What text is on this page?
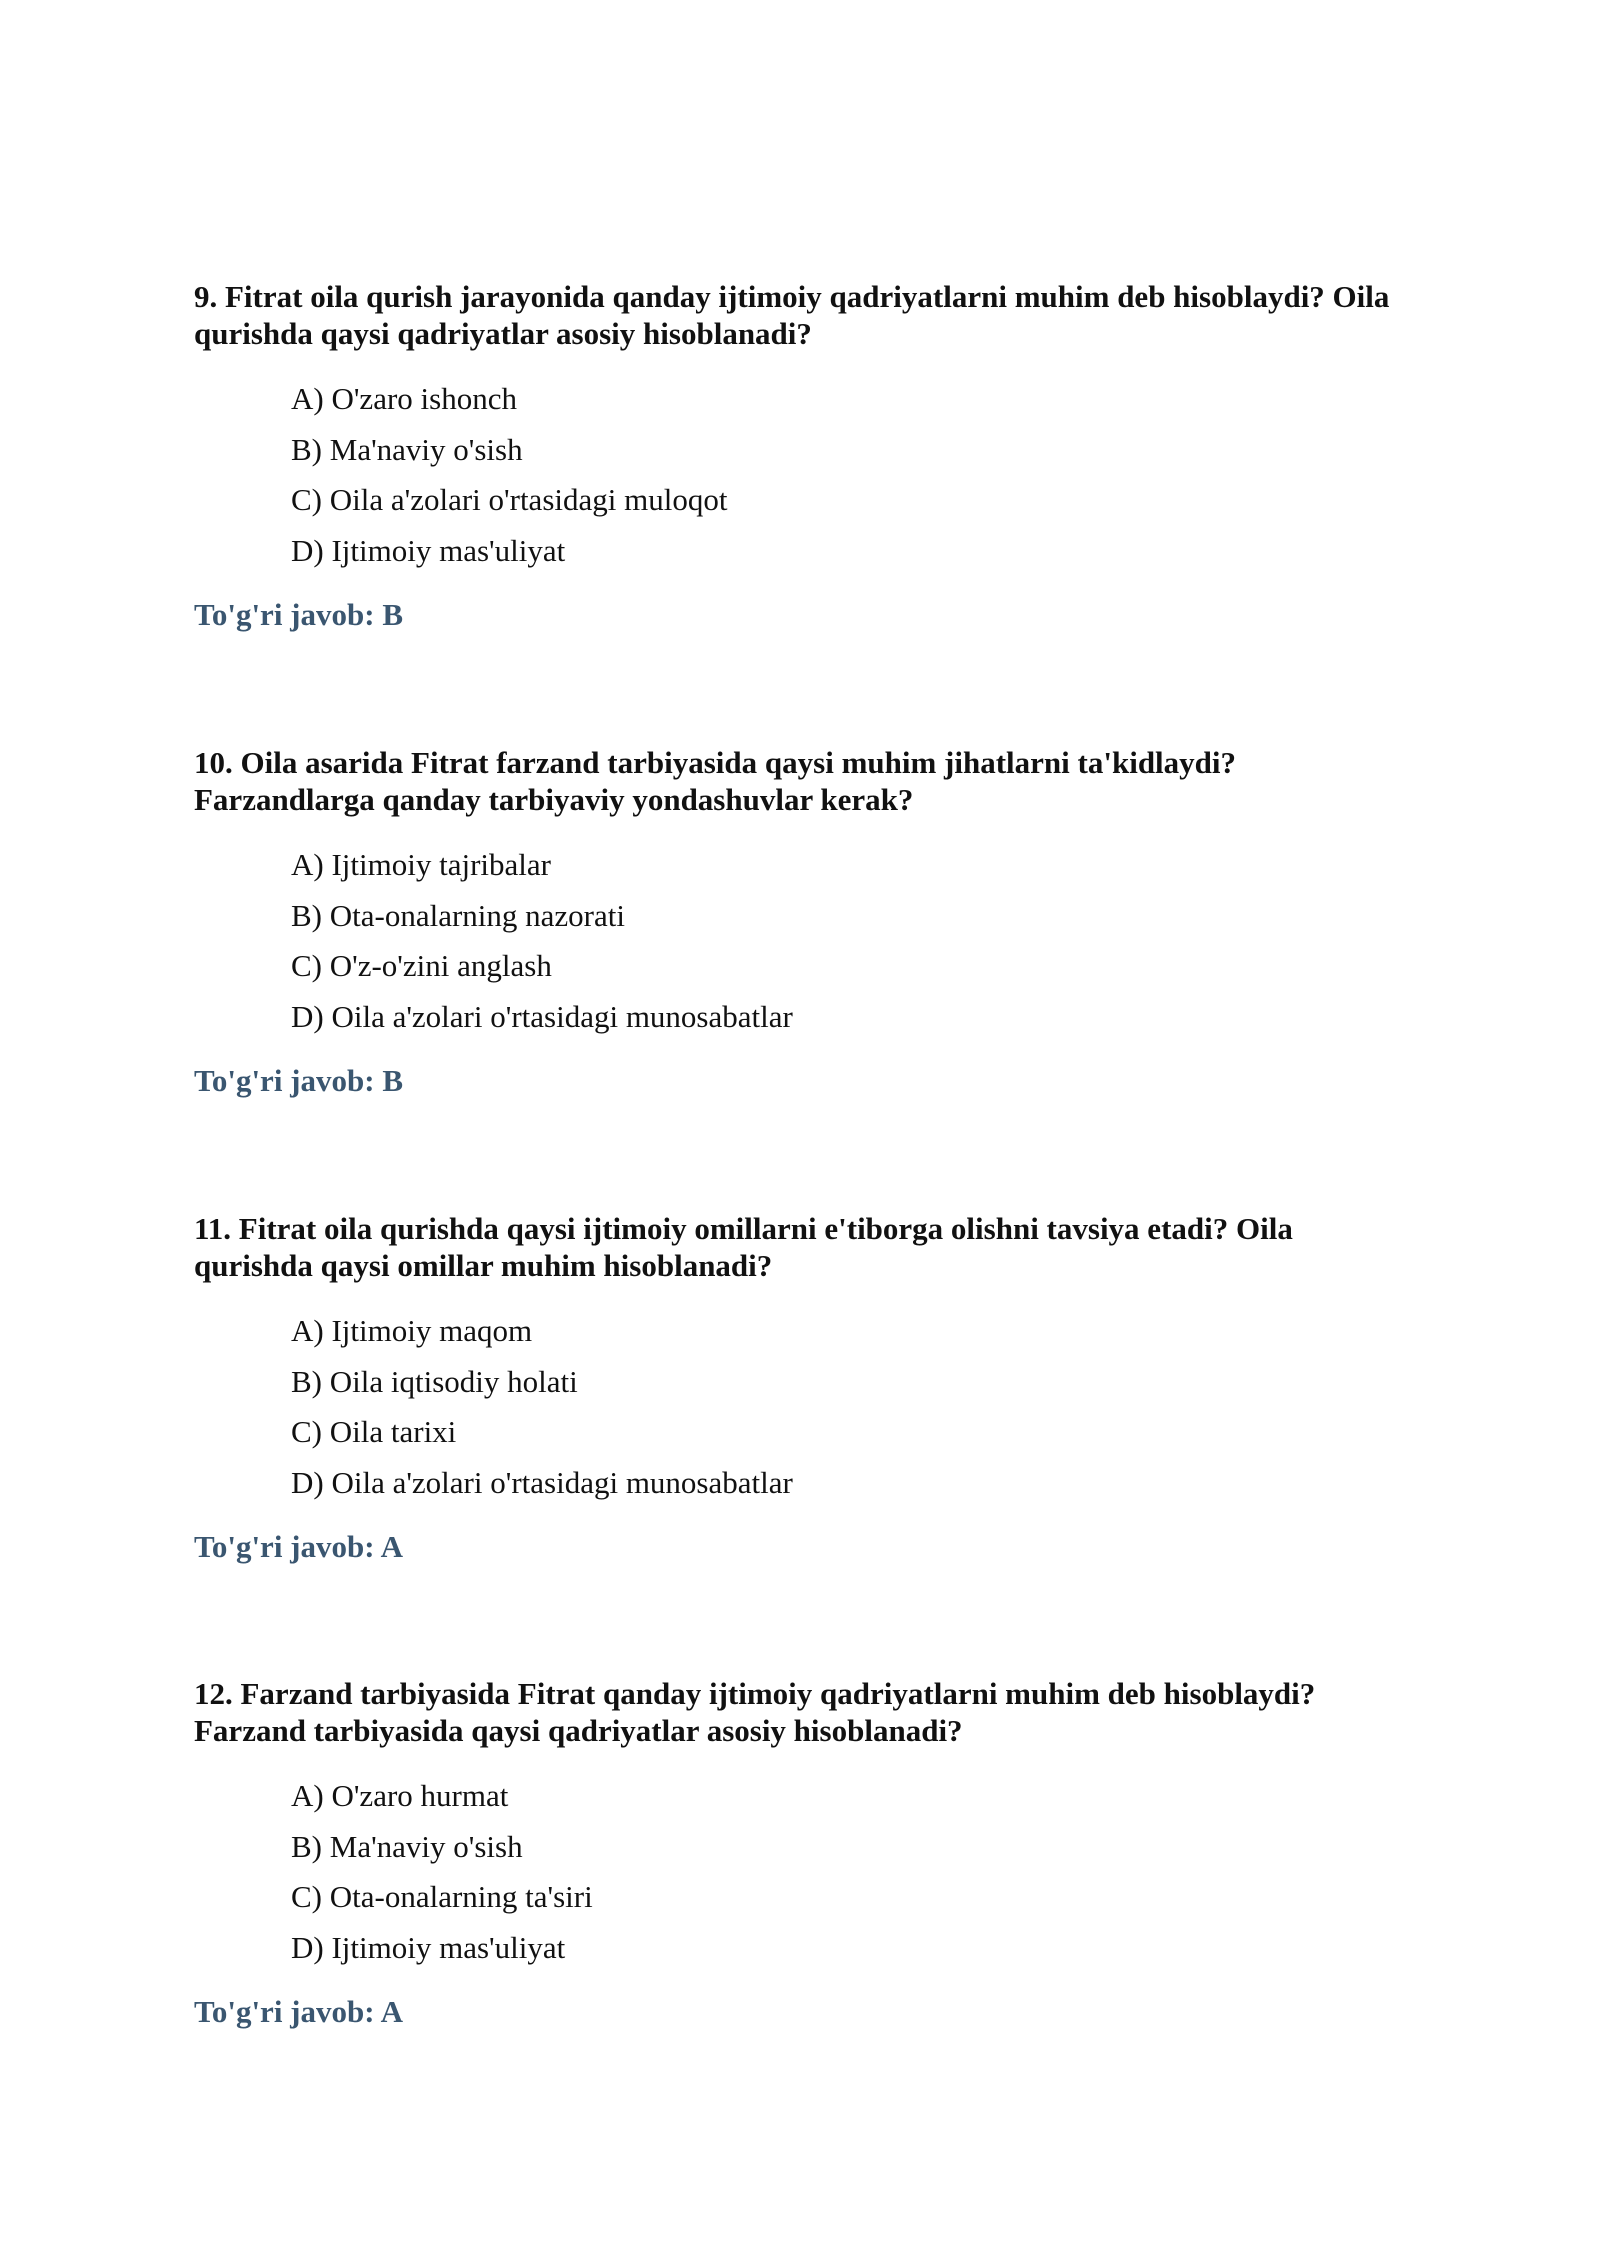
9. Fitrat oila qurish jarayonida qanday ijtimoiy qadriyatlarni muhim deb hisoblaydi? Oila qurishda qaysi qadriyatlar asosiy hisoblanadi?

A) O'zaro ishonch
B) Ma'naviy o'sish
C) Oila a'zolari o'rtasidagi muloqot
D) Ijtimoiy mas'uliyat
To'g'ri javob: B

10. Oila asarida Fitrat farzand tarbiyasida qaysi muhim jihatlarni ta'kidlaydi? Farzandlarga qanday tarbiyaviy yondashuvlar kerak?

A) Ijtimoiy tajribalar
B) Ota-onalarning nazorati
C) O'z-o'zini anglash
D) Oila a'zolari o'rtasidagi munosabatlar
To'g'ri javob: B

11. Fitrat oila qurishda qaysi ijtimoiy omillarni e'tiborga olishni tavsiya etadi? Oila qurishda qaysi omillar muhim hisoblanadi?

A) Ijtimoiy maqom
B) Oila iqtisodiy holati
C) Oila tarixi
D) Oila a'zolari o'rtasidagi munosabatlar
To'g'ri javob: A

12. Farzand tarbiyasida Fitrat qanday ijtimoiy qadriyatlarni muhim deb hisoblaydi? Farzand tarbiyasida qaysi qadriyatlar asosiy hisoblanadi?

A) O'zaro hurmat
B) Ma'naviy o'sish
C) Ota-onalarning ta'siri
D) Ijtimoiy mas'uliyat
To'g'ri javob: A
